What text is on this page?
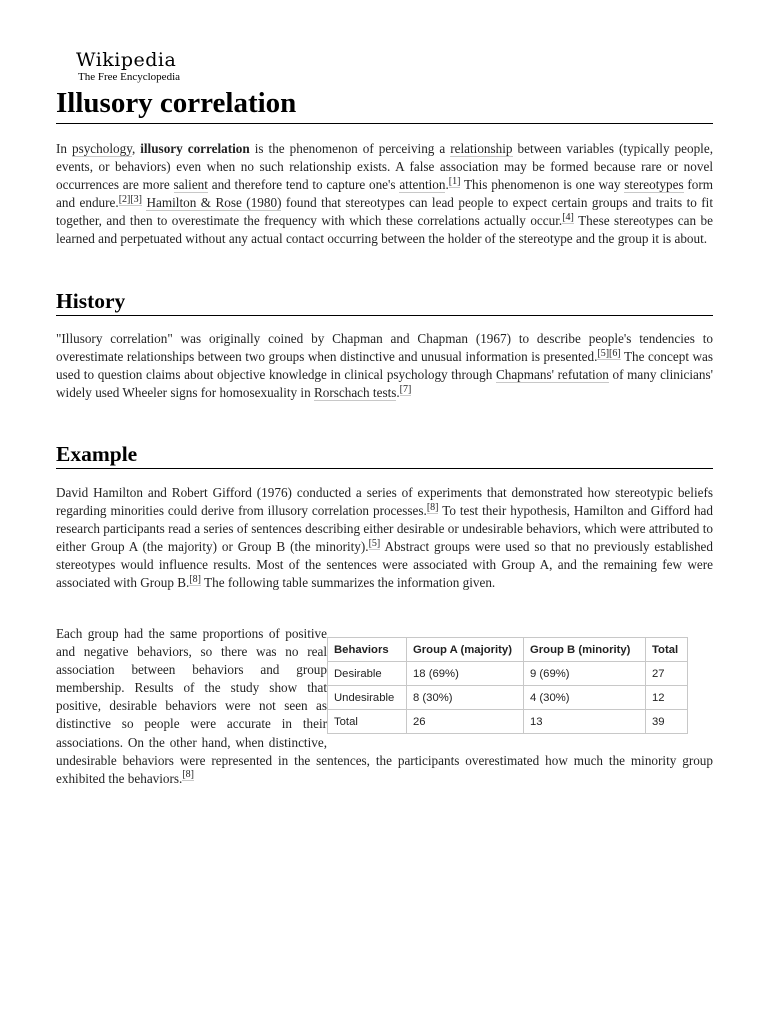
Wikipedia
The Free Encyclopedia
Illusory correlation

In psychology, illusory correlation is the phenomenon of perceiving a relationship between variables (typically people, events, or behaviors) even when no such relationship exists. A false association may be formed because rare or novel occurrences are more salient and therefore tend to capture one's attention.[1] This phenomenon is one way stereotypes form and endure.[2][3] Hamilton & Rose (1980) found that stereotypes can lead people to expect certain groups and traits to fit together, and then to overestimate the frequency with which these correlations actually occur.[4] These stereotypes can be learned and perpetuated without any actual contact occurring between the holder of the stereotype and the group it is about.

History

"Illusory correlation" was originally coined by Chapman and Chapman (1967) to describe people's tendencies to overestimate relationships between two groups when distinctive and unusual information is presented.[5][6] The concept was used to question claims about objective knowledge in clinical psychology through Chapmans' refutation of many clinicians' widely used Wheeler signs for homosexuality in Rorschach tests.[7]

Example

David Hamilton and Robert Gifford (1976) conducted a series of experiments that demonstrated how stereotypic beliefs regarding minorities could derive from illusory correlation processes.[8] To test their hypothesis, Hamilton and Gifford had research participants read a series of sentences describing either desirable or undesirable behaviors, which were attributed to either Group A (the majority) or Group B (the minority).[5] Abstract groups were used so that no previously established stereotypes would influence results. Most of the sentences were associated with Group A, and the remaining few were associated with Group B.[8] The following table summarizes the information given.

Each group had the same proportions of positive and negative behaviors, so there was no real association between behaviors and group membership. Results of the study show that positive, desirable behaviors were not seen as distinctive so people were accurate in their associations. On the other hand, when distinctive, undesirable behaviors were represented in the sentences, the participants overestimated how much the minority group exhibited the behaviors.[8]

Behaviors	Group A (majority)	Group B (minority)	Total
Desirable	18 (69%)	9 (69%)	27
Undesirable	8 (30%)	4 (30%)	12
Total	26	13	39
